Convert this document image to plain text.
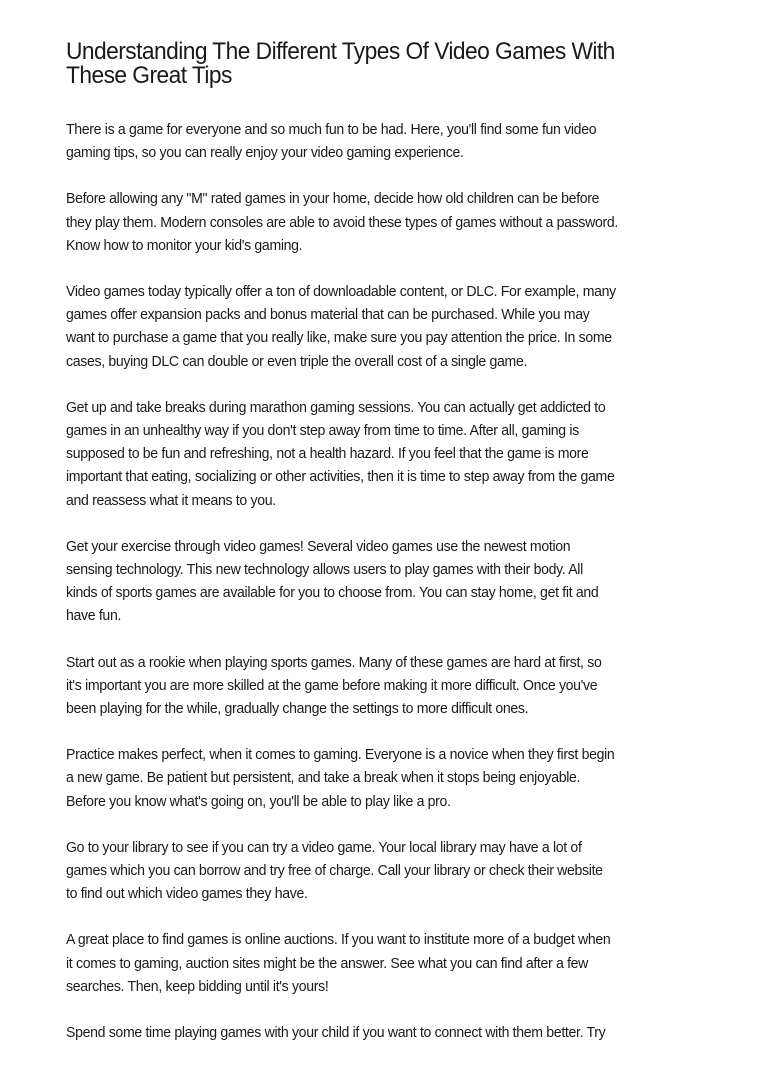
Understanding The Different Types Of Video Games With
These Great Tips

There is a game for everyone and so much fun to be had. Here, you'll find some fun video
gaming tips, so you can really enjoy your video gaming experience.

Before allowing any "M" rated games in your home, decide how old children can be before
they play them. Modern consoles are able to avoid these types of games without a password.
Know how to monitor your kid's gaming.

Video games today typically offer a ton of downloadable content, or DLC. For example, many
games offer expansion packs and bonus material that can be purchased. While you may
want to purchase a game that you really like, make sure you pay attention the price. In some
cases, buying DLC can double or even triple the overall cost of a single game.

Get up and take breaks during marathon gaming sessions. You can actually get addicted to
games in an unhealthy way if you don't step away from time to time. After all, gaming is
supposed to be fun and refreshing, not a health hazard. If you feel that the game is more
important that eating, socializing or other activities, then it is time to step away from the game
and reassess what it means to you.

Get your exercise through video games! Several video games use the newest motion
sensing technology. This new technology allows users to play games with their body. All
kinds of sports games are available for you to choose from. You can stay home, get fit and
have fun.

Start out as a rookie when playing sports games. Many of these games are hard at first, so
it's important you are more skilled at the game before making it more difficult. Once you've
been playing for the while, gradually change the settings to more difficult ones.

Practice makes perfect, when it comes to gaming. Everyone is a novice when they first begin
a new game. Be patient but persistent, and take a break when it stops being enjoyable.
Before you know what's going on, you'll be able to play like a pro.

Go to your library to see if you can try a video game. Your local library may have a lot of
games which you can borrow and try free of charge. Call your library or check their website
to find out which video games they have.

A great place to find games is online auctions. If you want to institute more of a budget when
it comes to gaming, auction sites might be the answer. See what you can find after a few
searches. Then, keep bidding until it's yours!

Spend some time playing games with your child if you want to connect with them better. Try
